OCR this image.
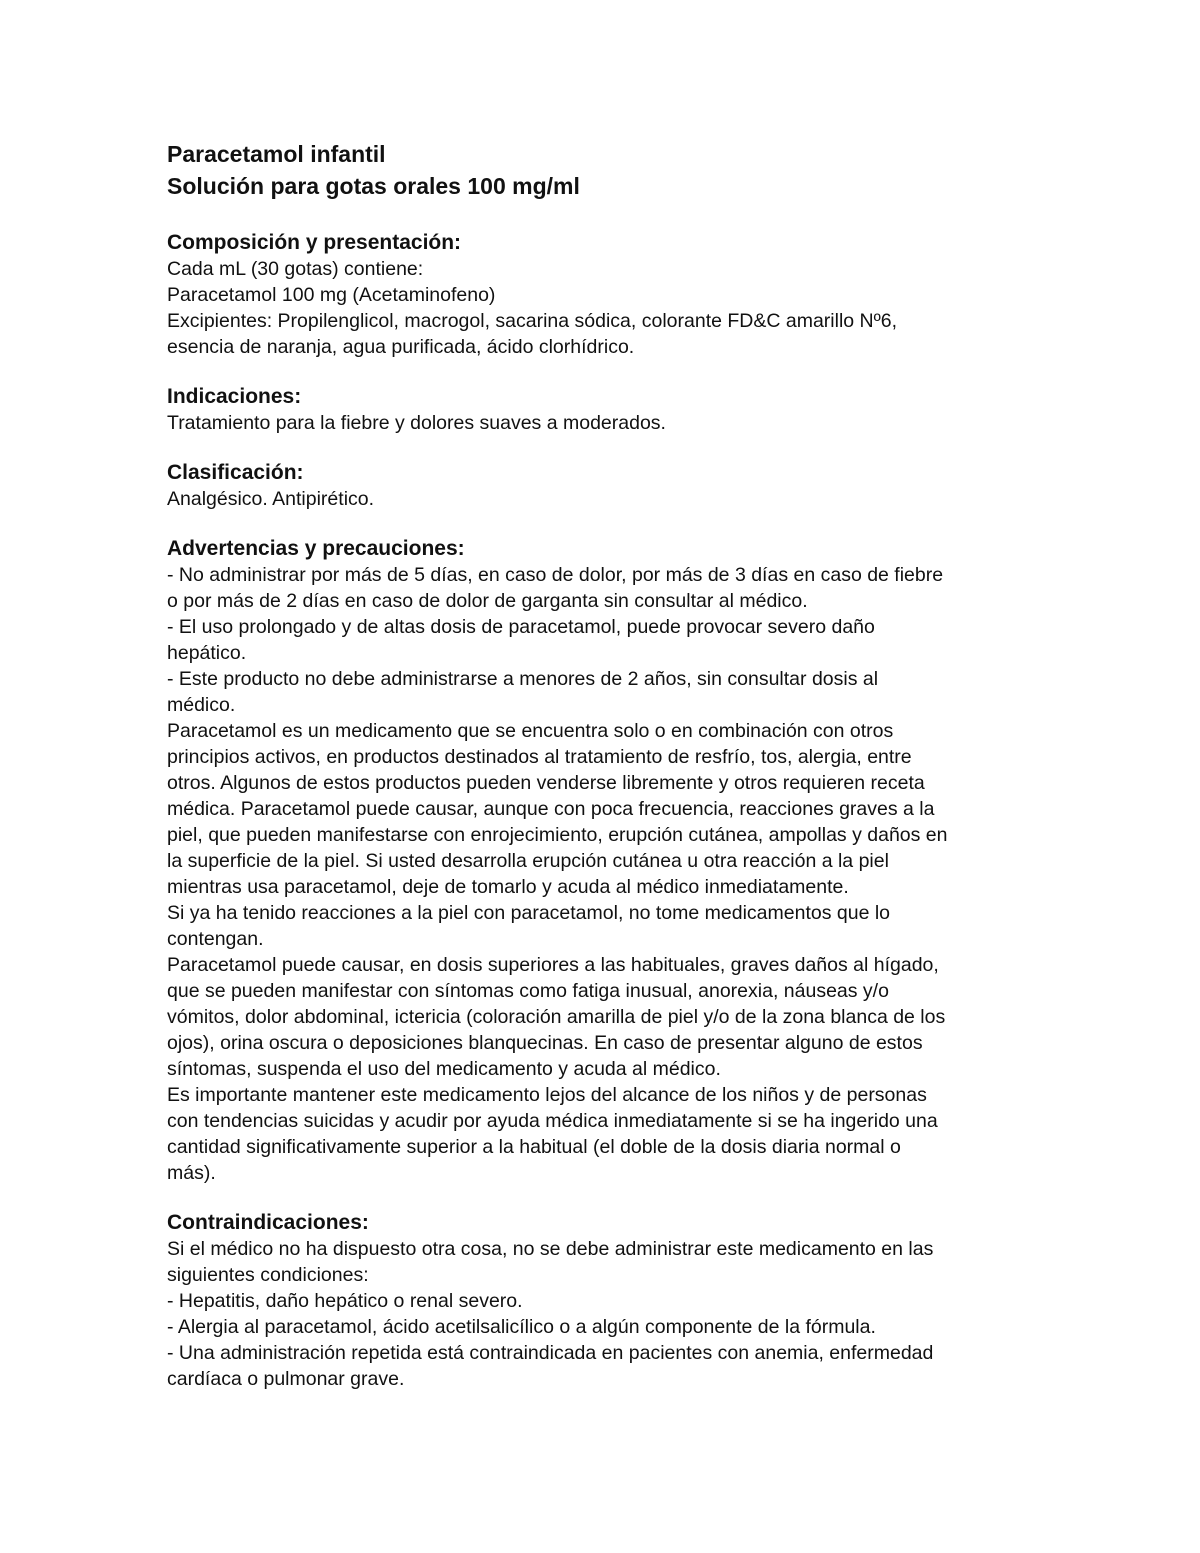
Paracetamol infantil

Solución para gotas orales 100 mg/ml

Composición y presentación:

Cada mL (30 gotas) contiene:

Paracetamol 100 mg (Acetaminofeno)

Excipientes: Propilenglicol, macrogol, sacarina sódica, colorante FD&C amarillo Nº6,

esencia de naranja, agua purificada, ácido clorhídrico.

Indicaciones:

Tratamiento para la fiebre y dolores suaves a moderados.

Clasificación:

Analgésico. Antipirético.

Advertencias y precauciones:

- No administrar por más de 5 días, en caso de dolor, por más de 3 días en caso de fiebre

o por más de 2 días en caso de dolor de garganta sin consultar al médico.

- El uso prolongado y de altas dosis de paracetamol, puede provocar severo daño

hepático.

- Este producto no debe administrarse a menores de 2 años, sin consultar dosis al

médico.

Paracetamol es un medicamento que se encuentra solo o en combinación con otros

principios activos, en productos destinados al tratamiento de resfrío, tos, alergia, entre

otros. Algunos de estos productos pueden venderse libremente y otros requieren receta

médica. Paracetamol puede causar, aunque con poca frecuencia, reacciones graves a la

piel, que pueden manifestarse con enrojecimiento, erupción cutánea, ampollas y daños en

la superficie de la piel. Si usted desarrolla erupción cutánea u otra reacción a la piel

mientras usa paracetamol, deje de tomarlo y acuda al médico inmediatamente.

Si ya ha tenido reacciones a la piel con paracetamol, no tome medicamentos que lo

contengan.

Paracetamol puede causar, en dosis superiores a las habituales, graves daños al hígado,

que se pueden manifestar con síntomas como fatiga inusual, anorexia, náuseas y/o

vómitos, dolor abdominal, ictericia (coloración amarilla de piel y/o de la zona blanca de los

ojos), orina oscura o deposiciones blanquecinas. En caso de presentar alguno de estos

síntomas, suspenda el uso del medicamento y acuda al médico.

Es importante mantener este medicamento lejos del alcance de los niños y de personas

con tendencias suicidas y acudir por ayuda médica inmediatamente si se ha ingerido una

cantidad significativamente superior a la habitual (el doble de la dosis diaria normal o

más).

Contraindicaciones:

Si el médico no ha dispuesto otra cosa, no se debe administrar este medicamento en las

siguientes condiciones:

- Hepatitis, daño hepático o renal severo.

- Alergia al paracetamol, ácido acetilsalicílico o a algún componente de la fórmula.

- Una administración repetida está contraindicada en pacientes con anemia, enfermedad

cardíaca o pulmonar grave.
